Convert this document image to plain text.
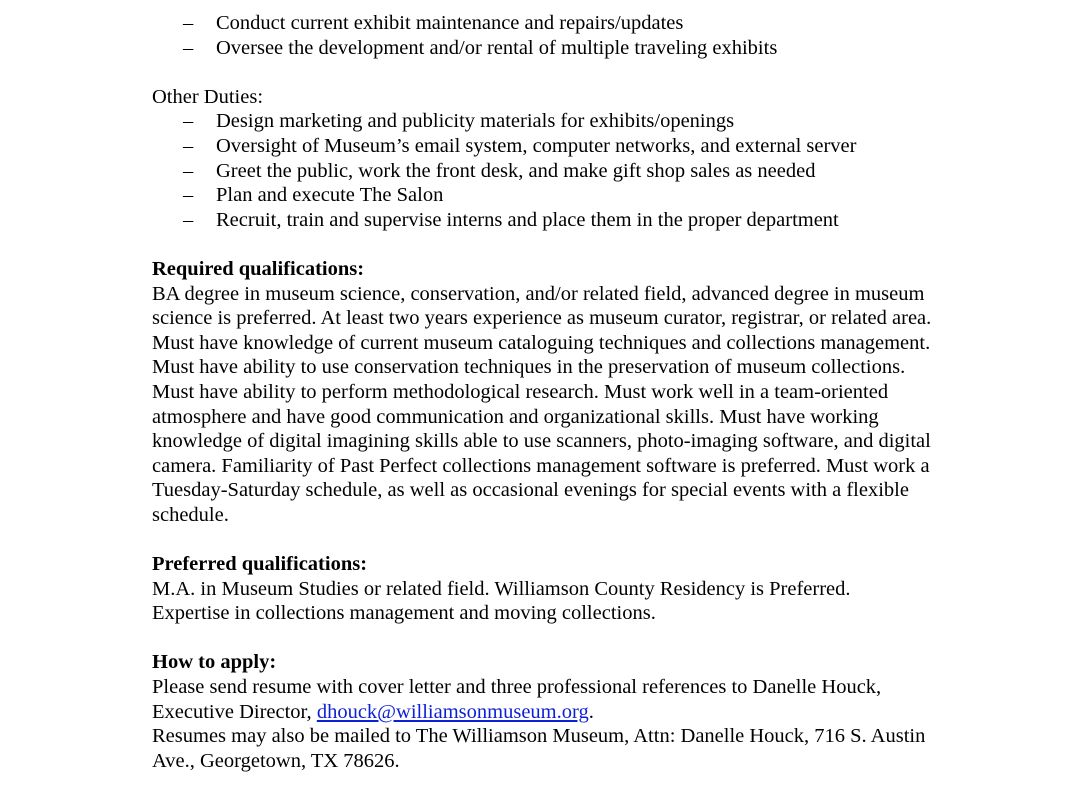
– Conduct current exhibit maintenance and repairs/updates
– Oversee the development and/or rental of multiple traveling exhibits

Other Duties:

– Design marketing and publicity materials for exhibits/openings
– Oversight of Museum’s email system, computer networks, and external server
– Greet the public, work the front desk, and make gift shop sales as needed
– Plan and execute The Salon
– Recruit, train and supervise interns and place them in the proper department
Required qualifications:

BA degree in museum science, conservation, and/or related field, advanced degree in museum science is preferred. At least two years experience as museum curator, registrar, or related area. Must have knowledge of current museum cataloguing techniques and collections management. Must have ability to use conservation techniques in the preservation of museum collections. Must have ability to perform methodological research. Must work well in a team-oriented atmosphere and have good communication and organizational skills. Must have working knowledge of digital imagining skills able to use scanners, photo-imaging software, and digital camera. Familiarity of Past Perfect collections management software is preferred. Must work a Tuesday-Saturday schedule, as well as occasional evenings for special events with a flexible schedule.

Preferred qualifications:

M.A. in Museum Studies or related field. Williamson County Residency is Preferred. Expertise in collections management and moving collections.

How to apply:

Please send resume with cover letter and three professional references to Danelle Houck, Executive Director, dhouck@williamsonmuseum.org.

Resumes may also be mailed to The Williamson Museum, Attn: Danelle Houck, 716 S. Austin Ave., Georgetown, TX 78626.
